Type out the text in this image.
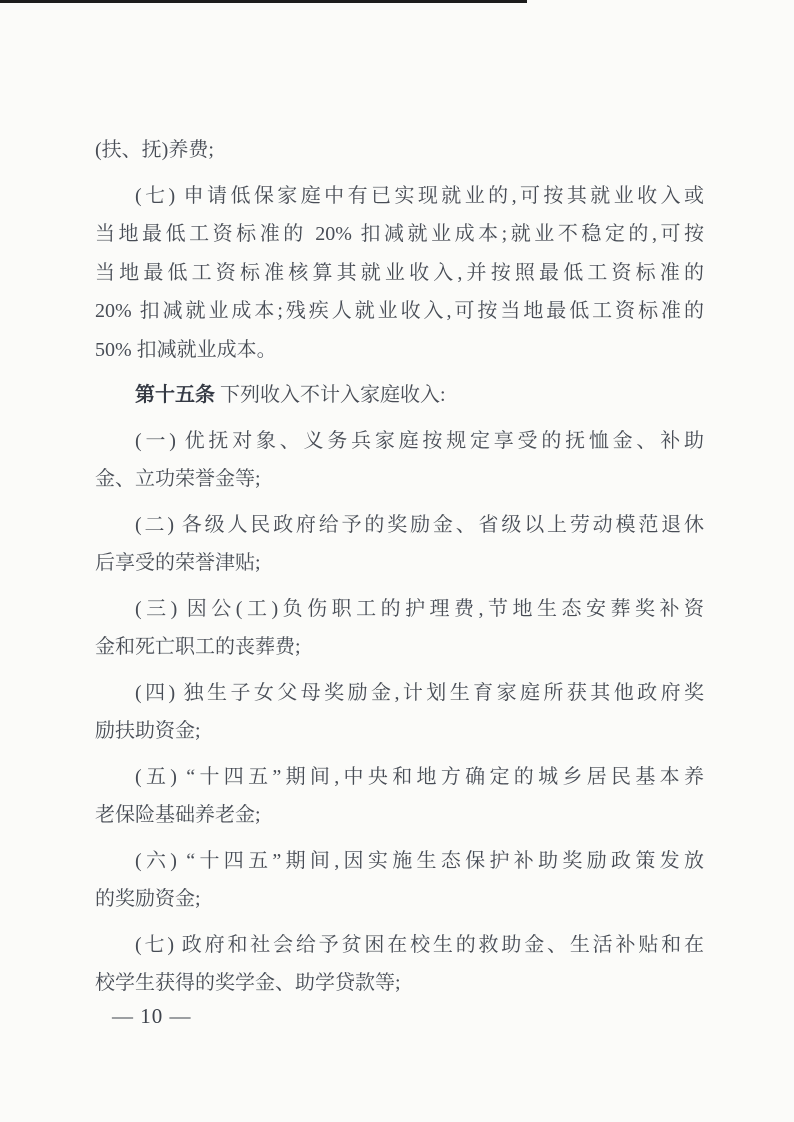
(扶、抚)养费;
(七) 申请低保家庭中有已实现就业的,可按其就业收入或
当地最低工资标准的 20% 扣减就业成本;就业不稳定的,可按
当地最低工资标准核算其就业收入,并按照最低工资标准的
20% 扣减就业成本;残疾人就业收入,可按当地最低工资标准的
50% 扣减就业成本。
第十五条 下列收入不计入家庭收入:
(一) 优抚对象、义务兵家庭按规定享受的抚恤金、补助
金、立功荣誉金等;
(二) 各级人民政府给予的奖励金、省级以上劳动模范退休
后享受的荣誉津贴;
(三) 因公(工)负伤职工的护理费,节地生态安葬奖补资
金和死亡职工的丧葬费;
(四) 独生子女父母奖励金,计划生育家庭所获其他政府奖
励扶助资金;
(五) “十四五”期间,中央和地方确定的城乡居民基本养
老保险基础养老金;
(六) “十四五”期间,因实施生态保护补助奖励政策发放
的奖励资金;
(七) 政府和社会给予贫困在校生的救助金、生活补贴和在
校学生获得的奖学金、助学贷款等;
— 10 —
